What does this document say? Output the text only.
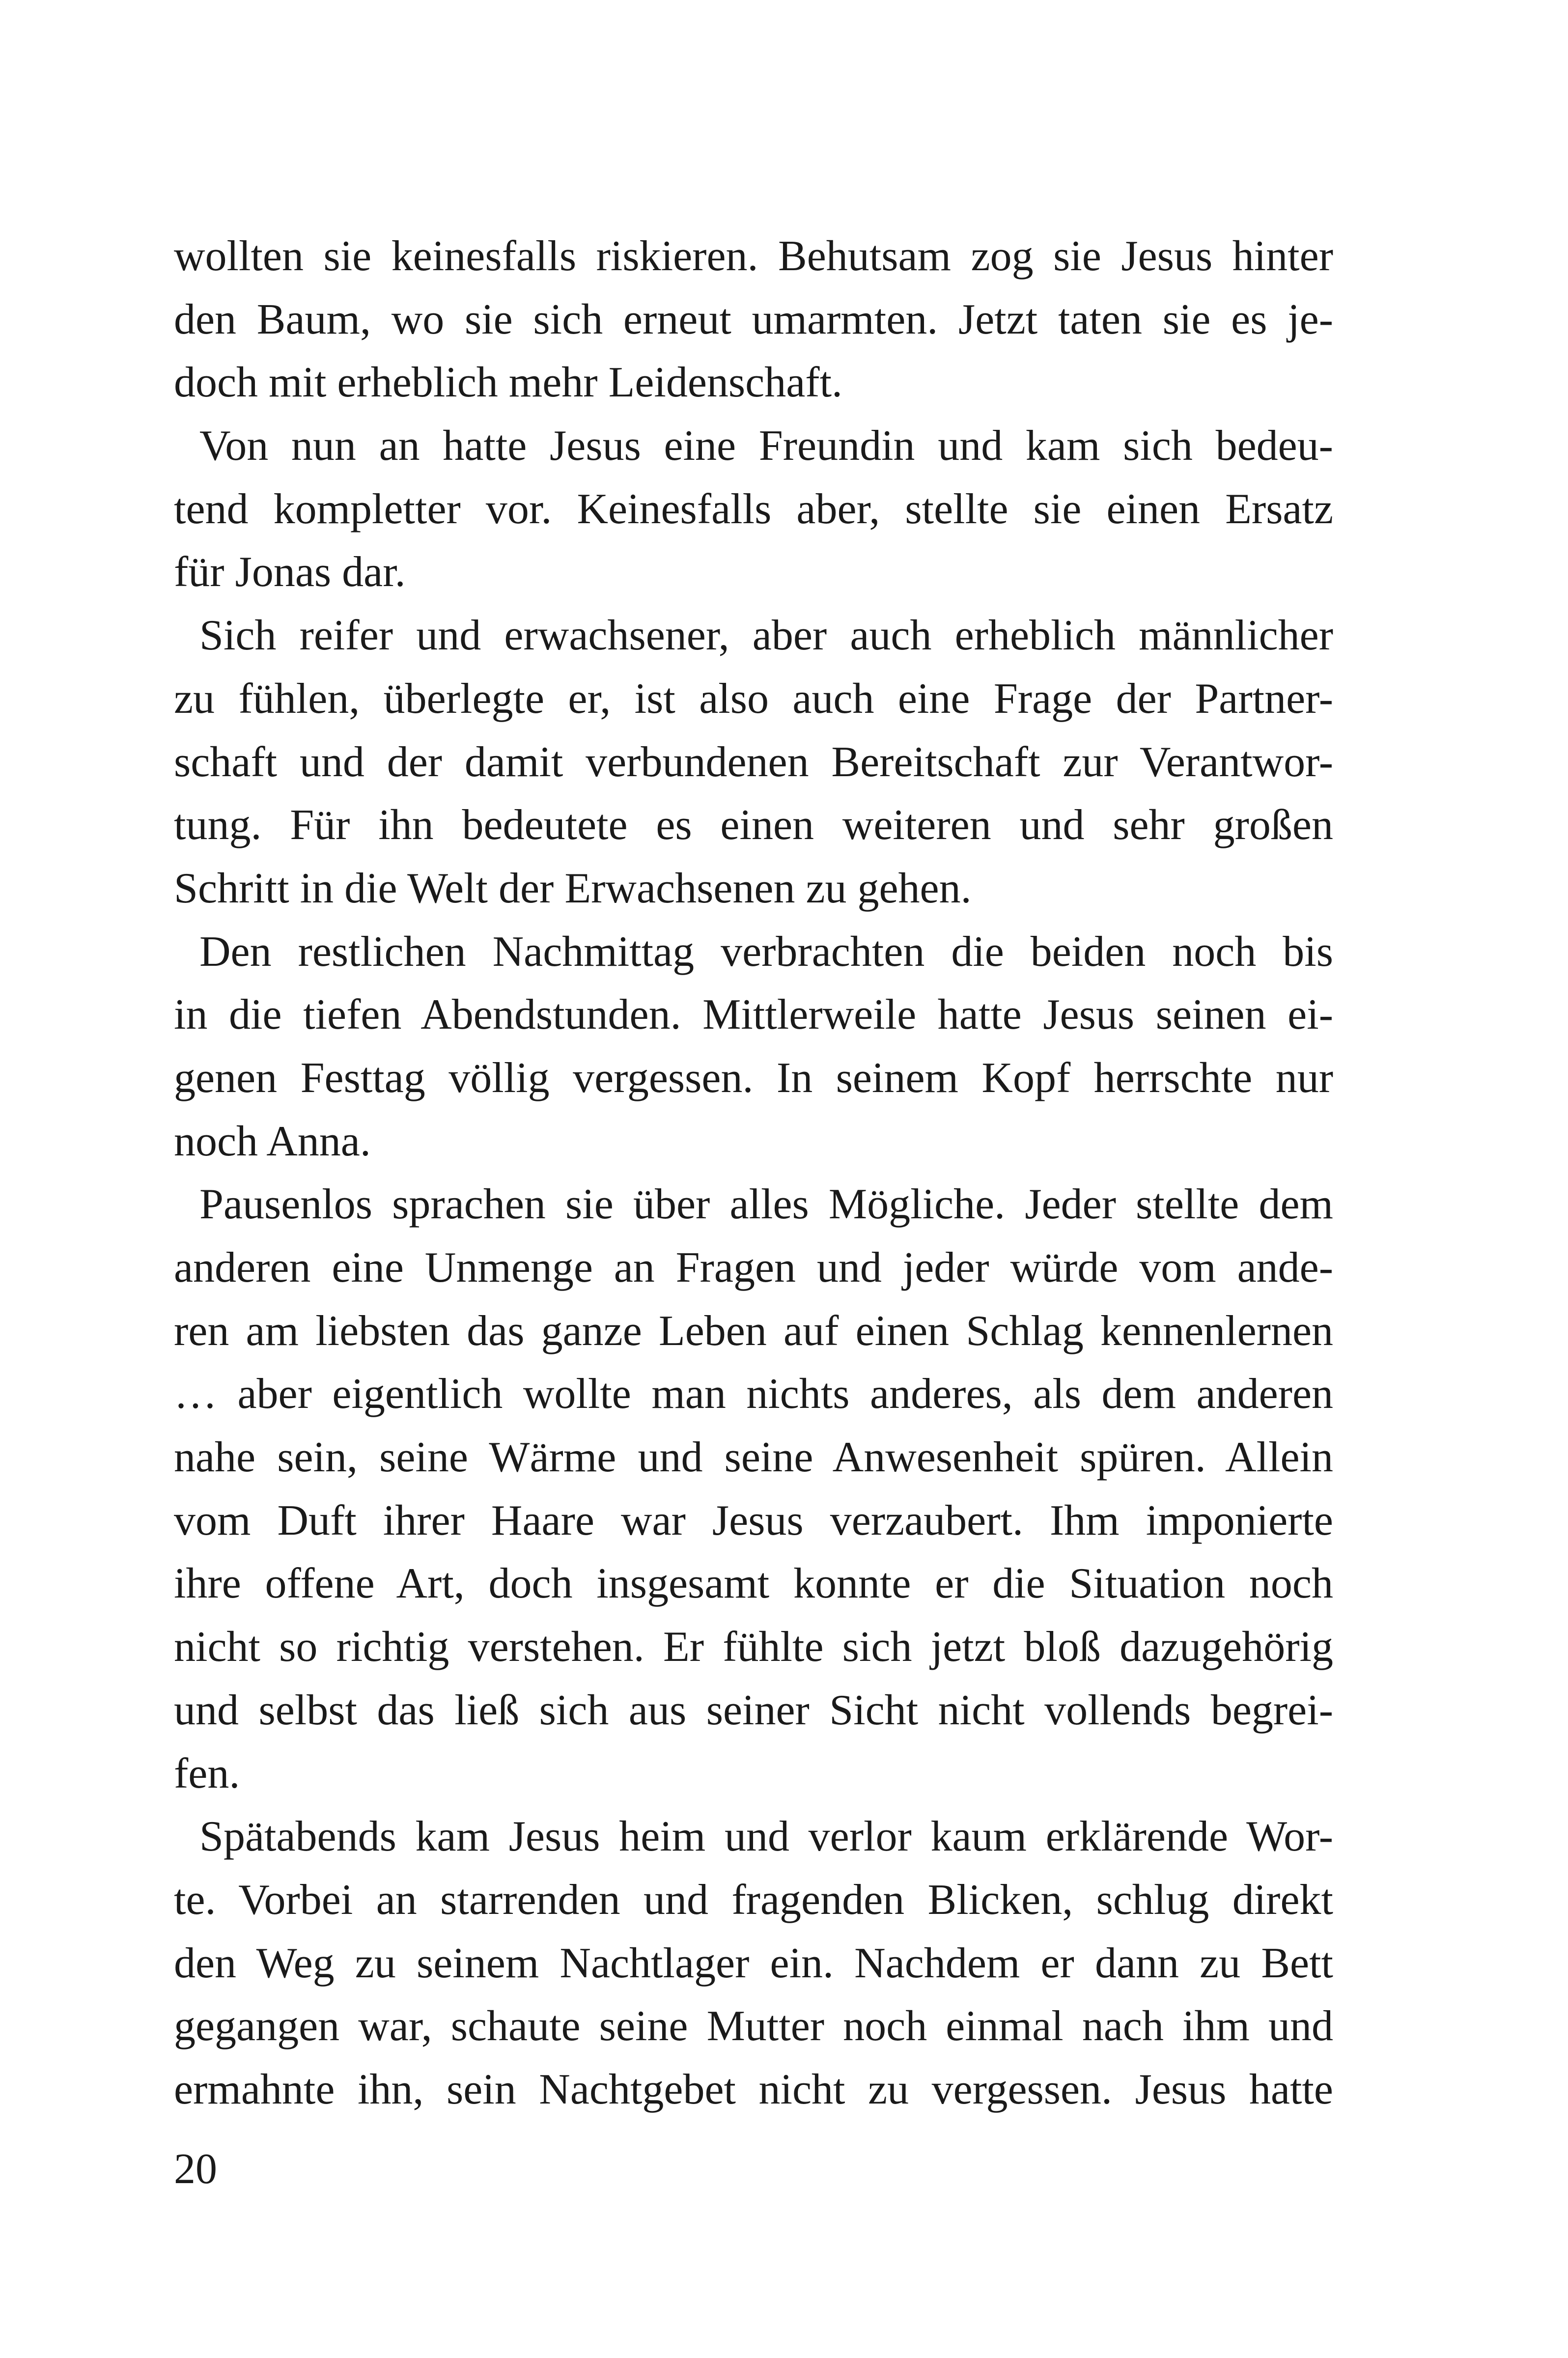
wollten sie keinesfalls riskieren. Behutsam zog sie Jesus hinter
den Baum, wo sie sich erneut umarmten. Jetzt taten sie es je-
doch mit erheblich mehr Leidenschaft.
Von nun an hatte Jesus eine Freundin und kam sich bedeu-
tend kompletter vor. Keinesfalls aber, stellte sie einen Ersatz
für Jonas dar.
Sich reifer und erwachsener, aber auch erheblich männlicher
zu fühlen, überlegte er, ist also auch eine Frage der Partner-
schaft und der damit verbundenen Bereitschaft zur Verantwor-
tung. Für ihn bedeutete es einen weiteren und sehr großen
Schritt in die Welt der Erwachsenen zu gehen.
Den restlichen Nachmittag verbrachten die beiden noch bis
in die tiefen Abendstunden. Mittlerweile hatte Jesus seinen ei-
genen Festtag völlig vergessen. In seinem Kopf herrschte nur
noch Anna.
Pausenlos sprachen sie über alles Mögliche. Jeder stellte dem
anderen eine Unmenge an Fragen und jeder würde vom ande-
ren am liebsten das ganze Leben auf einen Schlag kennenlernen
… aber eigentlich wollte man nichts anderes, als dem anderen
nahe sein, seine Wärme und seine Anwesenheit spüren. Allein
vom Duft ihrer Haare war Jesus verzaubert. Ihm imponierte
ihre offene Art, doch insgesamt konnte er die Situation noch
nicht so richtig verstehen. Er fühlte sich jetzt bloß dazugehörig
und selbst das ließ sich aus seiner Sicht nicht vollends begrei-
fen.
Spätabends kam Jesus heim und verlor kaum erklärende Wor-
te. Vorbei an starrenden und fragenden Blicken, schlug direkt
den Weg zu seinem Nachtlager ein. Nachdem er dann zu Bett
gegangen war, schaute seine Mutter noch einmal nach ihm und
ermahnte ihn, sein Nachtgebet nicht zu vergessen. Jesus hatte
20
